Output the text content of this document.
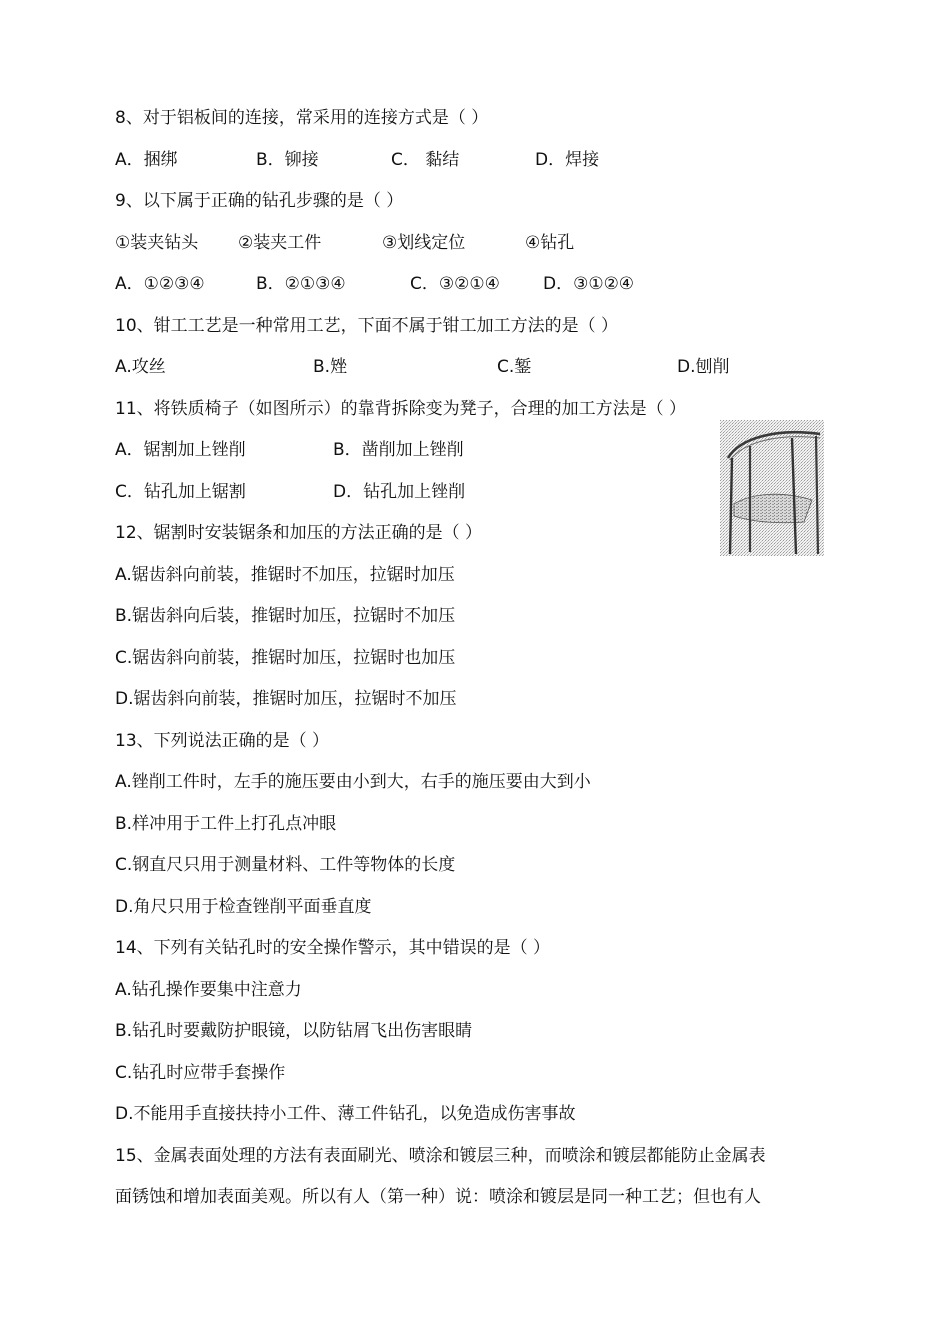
8、对于铝板间的连接，常采用的连接方式是（ ）
A．捆绑	B．铆接	C． 黏结	D．焊接
9、以下属于正确的钻孔步骤的是（ ）
①装夹钻头 ②装夹工件	③划线定位	④钻孔
A．①②③④	B．②①③④	C．③②①④	D．③①②④
10、钳工工艺是一种常用工艺，下面不属于钳工加工方法的是（ ）
A.攻丝	B.矬	C.錾	D.刨削
11、将铁质椅子（如图所示）的靠背拆除变为凳子，合理的加工方法是（ ）
A．锯割加上锉削	B．凿削加上锉削
C．钻孔加上锯割	D．钻孔加上锉削
12、锯割时安装锯条和加压的方法正确的是（ ）
A.锯齿斜向前装，推锯时不加压，拉锯时加压
B.锯齿斜向后装，推锯时加压，拉锯时不加压
C.锯齿斜向前装，推锯时加压，拉锯时也加压
D.锯齿斜向前装，推锯时加压，拉锯时不加压
13、下列说法正确的是（ ）
A.锉削工件时，左手的施压要由小到大，右手的施压要由大到小
B.样冲用于工件上打孔点冲眼
C.钢直尺只用于测量材料、工件等物体的长度
D.角尺只用于检查锉削平面垂直度
14、下列有关钻孔时的安全操作警示，其中错误的是（ ）
A.钻孔操作要集中注意力
B.钻孔时要戴防护眼镜，以防钻屑飞出伤害眼睛
C.钻孔时应带手套操作
D.不能用手直接扶持小工件、薄工件钻孔，以免造成伤害事故
15、金属表面处理的方法有表面刷光、喷涂和镀层三种，而喷涂和镀层都能防止金属表
面锈蚀和增加表面美观。所以有人（第一种）说：喷涂和镀层是同一种工艺；但也有人
